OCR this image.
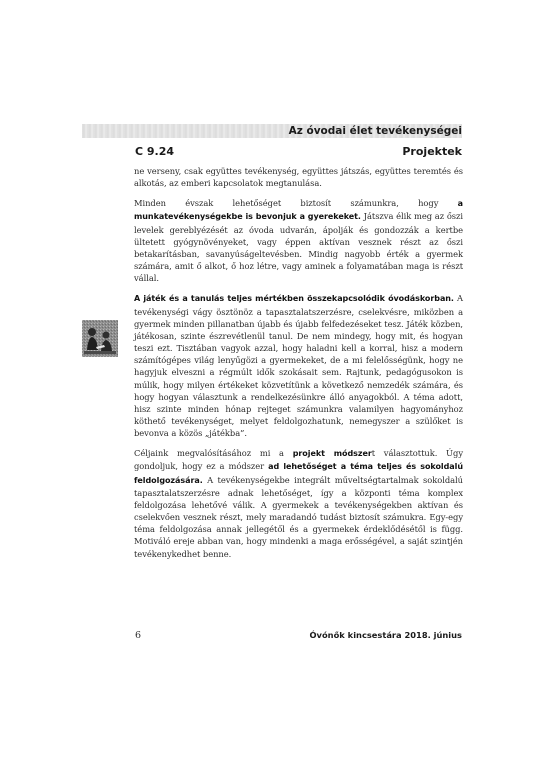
Az óvodai élet tevékenységei
C 9.24	Projektek

ne verseny, csak együttes tevékenység, együttes játszás, együttes teremtés és alkotás, az emberi kapcsolatok megtanulása.

Minden évszak lehetőséget biztosít számunkra, hogy a munkatevékenységekbe is bevonjuk a gyerekeket. Játszva élik meg az őszi levelek gereblyézését az óvoda udvarán, ápolják és gondozzák a kertbe ültetett gyógynövényeket, vagy éppen aktívan vesznek részt az őszi betakarításban, savanyúságeltevésben. Mindig nagyobb érték a gyermek számára, amit ő alkot, ő hoz létre, vagy aminek a folyamatában maga is részt vállal.

A játék és a tanulás teljes mértékben összekapcsolódik óvodáskorban. A tevékenységi vágy ösztönöz a tapasztalatszerzésre, cselekvésre, miközben a gyermek minden pillanatban újabb és újabb felfedezéseket tesz. Játék közben, játékosan, szinte észrevétlenül tanul. De nem mindegy, hogy mit, és hogyan teszi ezt. Tisztában vagyok azzal, hogy haladni kell a korral, hisz a modern számítógépes világ lenyűgözi a gyermekeket, de a mi felelősségünk, hogy ne hagyjuk elveszni a régmúlt idők szokásait sem. Rajtunk, pedagógusokon is múlik, hogy milyen értékeket közvetítünk a következő nemzedék számára, és hogy hogyan választunk a rendelkezésünkre álló anyagokból. A téma adott, hisz szinte minden hónap rejteget számunkra valamilyen hagyományhoz köthető tevékenységet, melyet feldolgozhatunk, nemegyszer a szülőket is bevonva a közös „játékba”.

Céljaink megvalósításához mi a projekt módszert választottuk. Úgy gondoljuk, hogy ez a módszer ad lehetőséget a téma teljes és sokoldalú feldolgozására. A tevékenységekbe integrált műveltségtartalmak sokoldalú tapasztalatszerzésre adnak lehetőséget, így a központi téma komplex feldolgozása lehetővé válik. A gyermekek a tevékenységekben aktívan és cselekvően vesznek részt, mely maradandó tudást biztosít számukra. Egy-egy téma feldolgozása annak jellegétől és a gyermekek érdeklődésétől is függ. Motiváló ereje abban van, hogy mindenki a maga erősségével, a saját szintjén tevékenykedhet benne.

6	Óvónők kincsestára 2018. június
